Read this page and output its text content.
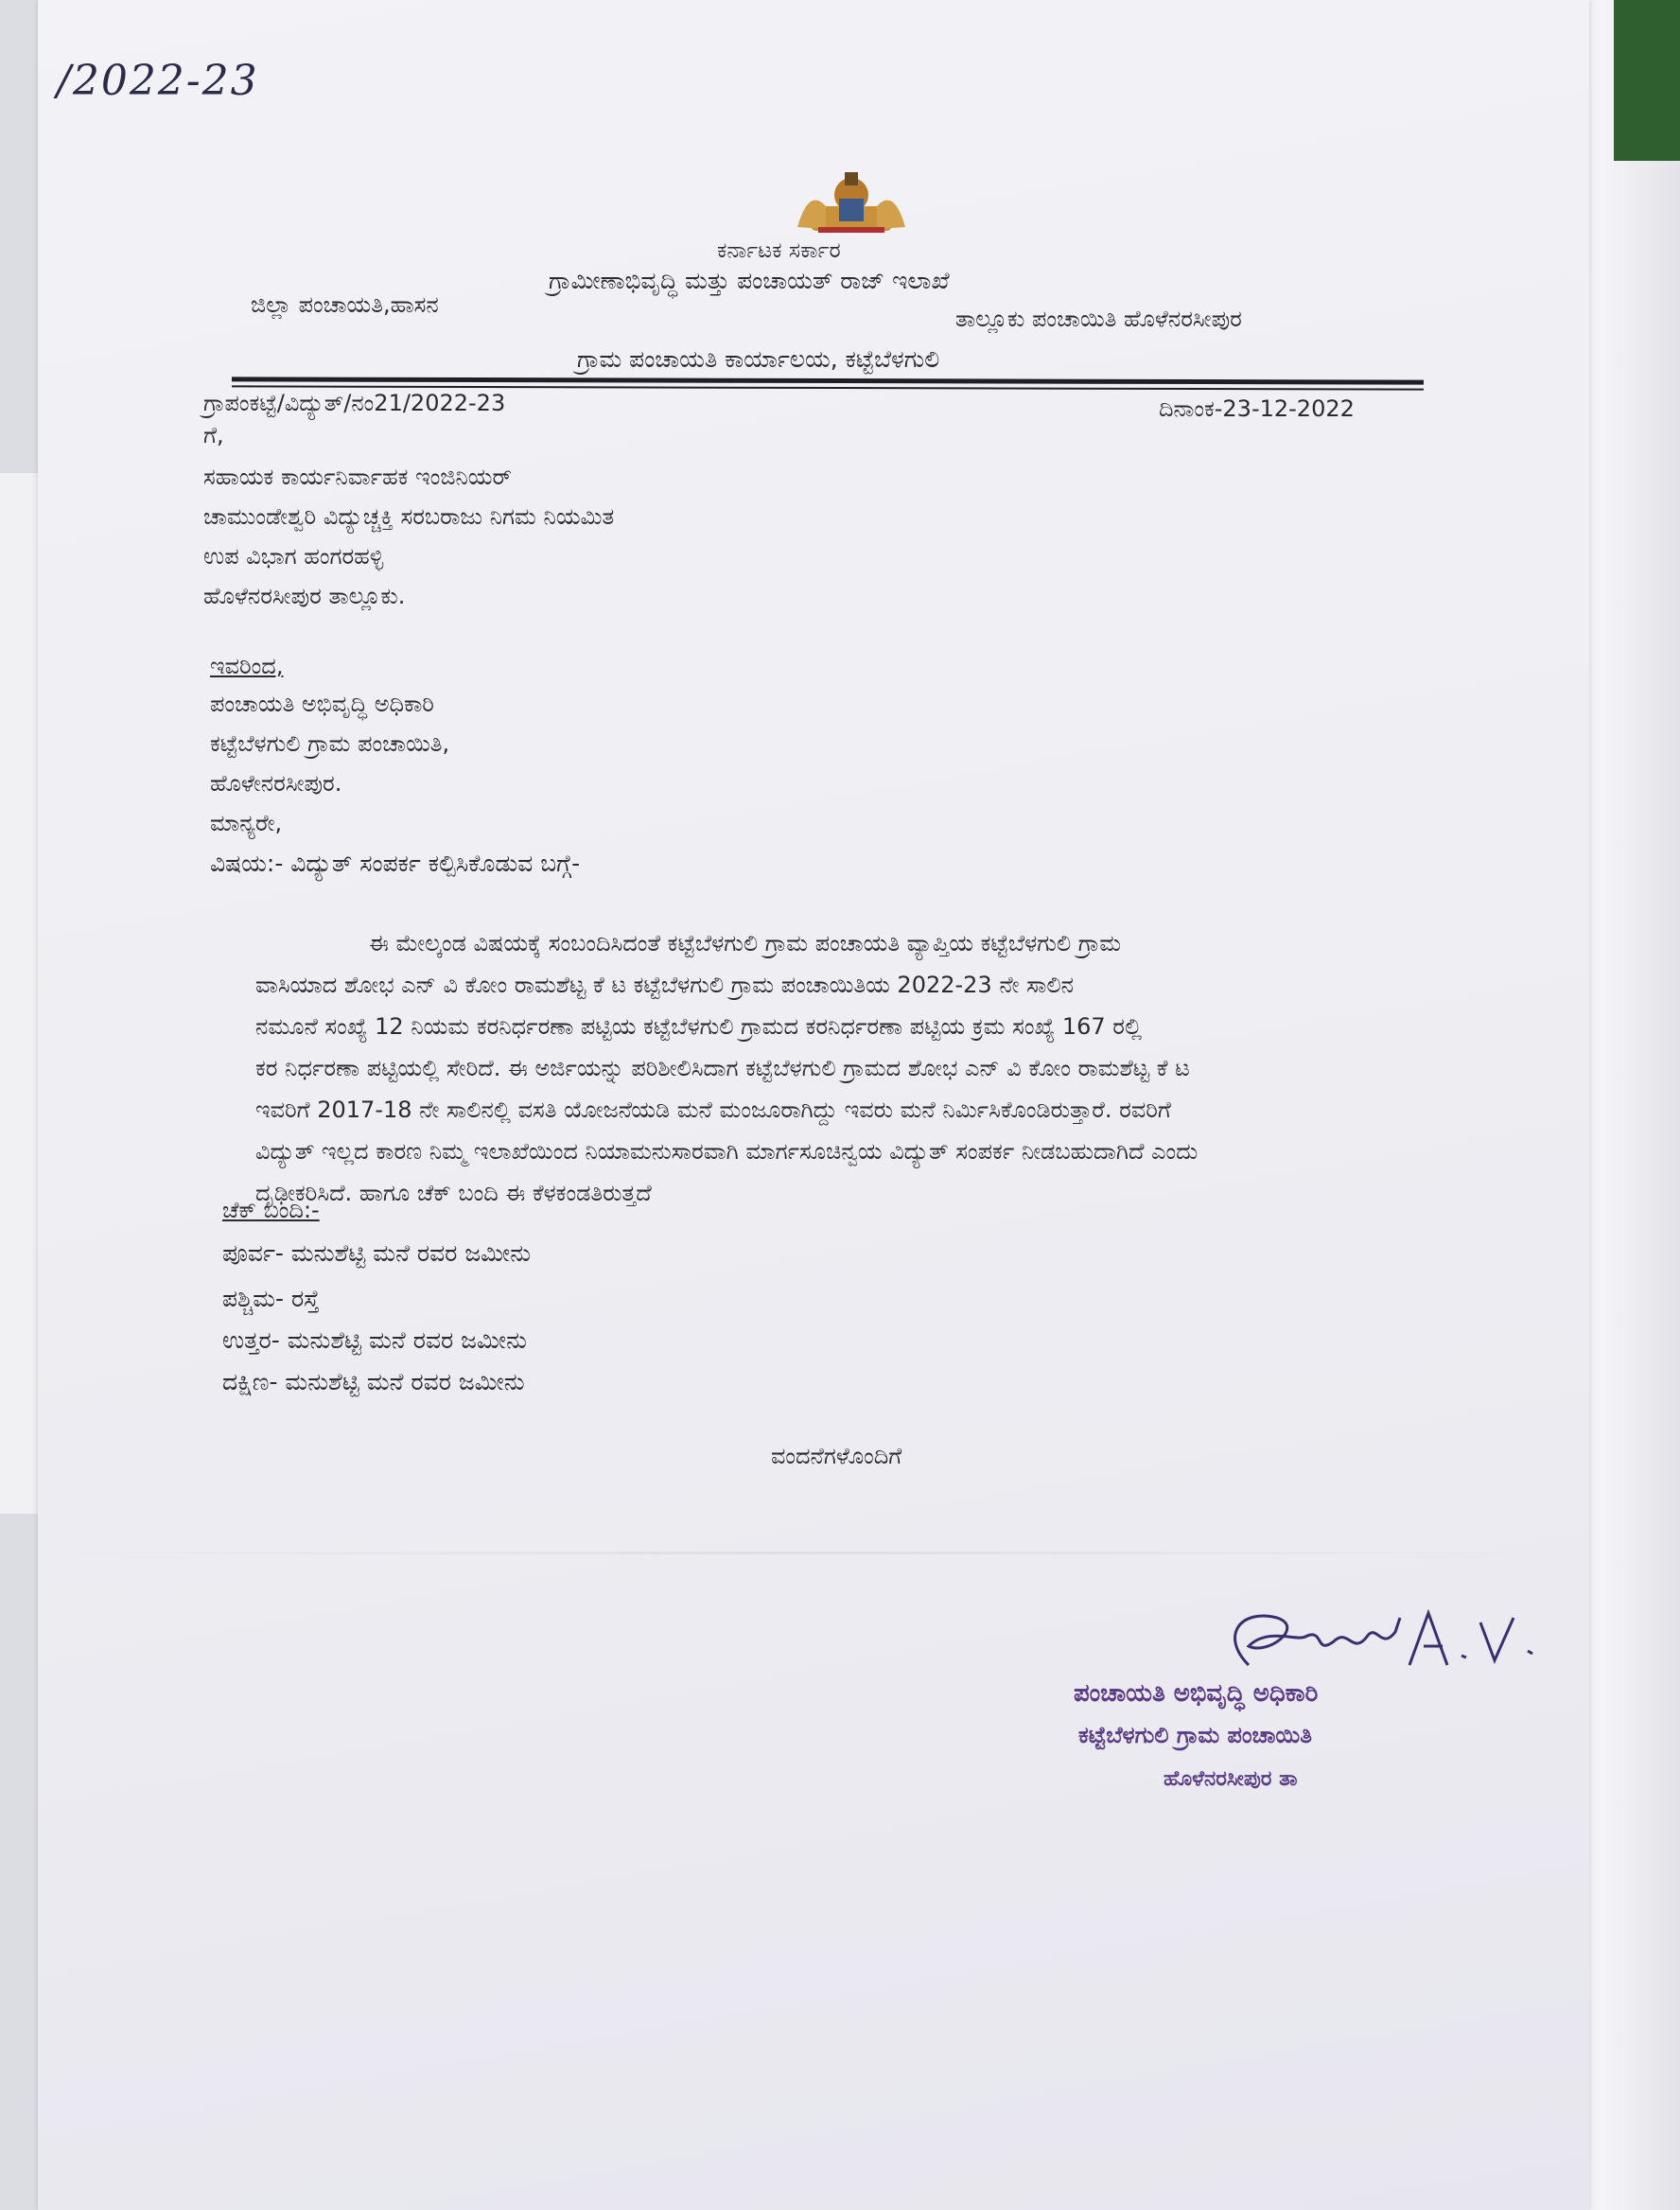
/2022-23
ಕರ್ನಾಟಕ ಸರ್ಕಾರ
ಗ್ರಾಮೀಣಾಭಿವೃದ್ಧಿ ಮತ್ತು ಪಂಚಾಯತ್ ರಾಜ್ ಇಲಾಖೆ
ಜಿಲ್ಲಾ ಪಂಚಾಯತಿ,ಹಾಸನ
ತಾಲ್ಲೂಕು ಪಂಚಾಯಿತಿ ಹೊಳೆನರಸೀಪುರ
ಗ್ರಾಮ ಪಂಚಾಯತಿ ಕಾರ್ಯಾಲಯ, ಕಟ್ಟೆಬೆಳಗುಲಿ
ಗ್ರಾಪಂಕಟ್ಟೆ/ವಿದ್ಯುತ್/ನಂ21/2022-23	ದಿನಾಂಕ-23-12-2022
ಗೆ,
ಸಹಾಯಕ ಕಾರ್ಯನಿರ್ವಾಹಕ ಇಂಜಿನಿಯರ್
ಚಾಮುಂಡೇಶ್ವರಿ ವಿದ್ಯುಚ್ಚಕ್ತಿ ಸರಬರಾಜು ನಿಗಮ ನಿಯಮಿತ
ಉಪ ವಿಭಾಗ ಹಂಗರಹಳ್ಳಿ
ಹೊಳೆನರಸೀಪುರ ತಾಲ್ಲೂಕು.
ಇವರಿಂದ,
ಪಂಚಾಯತಿ ಅಭಿವೃದ್ಧಿ ಅಧಿಕಾರಿ
ಕಟ್ಟೆಬೆಳಗುಲಿ ಗ್ರಾಮ ಪಂಚಾಯಿತಿ,
ಹೊಳೇನರಸೀಪುರ.
ಮಾನ್ಯರೇ,
ವಿಷಯ:- ವಿದ್ಯುತ್ ಸಂಪರ್ಕ ಕಲ್ಪಿಸಿಕೊಡುವ ಬಗ್ಗೆ-

ಈ ಮೇಲ್ಕಂಡ ವಿಷಯಕ್ಕೆ ಸಂಬಂದಿಸಿದಂತೆ ಕಟ್ಟೆಬೆಳಗುಲಿ ಗ್ರಾಮ ಪಂಚಾಯತಿ ವ್ಯಾಪ್ತಿಯ ಕಟ್ಟೆಬೆಳಗುಲಿ ಗ್ರಾಮ

ವಾಸಿಯಾದ ಶೋಭ ಎನ್ ವಿ ಕೋಂ ರಾಮಶೆಟ್ಟ ಕೆ ಟ ಕಟ್ಟೆಬೆಳಗುಲಿ ಗ್ರಾಮ ಪಂಚಾಯಿತಿಯ 2022-23 ನೇ ಸಾಲಿನ

ನಮೂನೆ ಸಂಖ್ಯೆ 12 ನಿಯಮ ಕರನಿರ್ಧರಣಾ ಪಟ್ಟಿಯ ಕಟ್ಟೆಬೆಳಗುಲಿ ಗ್ರಾಮದ ಕರನಿರ್ಧರಣಾ ಪಟ್ಟಿಯ ಕ್ರಮ ಸಂಖ್ಯೆ 167 ರಲ್ಲಿ

ಕರ ನಿರ್ಧರಣಾ ಪಟ್ಟಿಯಲ್ಲಿ ಸೇರಿದೆ. ಈ ಅರ್ಜಿಯನ್ನು ಪರಿಶೀಲಿಸಿದಾಗ ಕಟ್ಟೆಬೆಳಗುಲಿ ಗ್ರಾಮದ ಶೋಭ ಎನ್ ವಿ ಕೋಂ ರಾಮಶೆಟ್ಟ ಕೆ ಟ

ಇವರಿಗೆ 2017-18 ನೇ ಸಾಲಿನಲ್ಲಿ ವಸತಿ ಯೋಜನೆಯಡಿ ಮನೆ ಮಂಜೂರಾಗಿದ್ದು ಇವರು ಮನೆ ನಿರ್ಮಿಸಿಕೊಂಡಿರುತ್ತಾರೆ. ರವರಿಗೆ

ವಿದ್ಯುತ್ ಇಲ್ಲದ ಕಾರಣ ನಿಮ್ಮ ಇಲಾಖೆಯಿಂದ ನಿಯಾಮನುಸಾರವಾಗಿ ಮಾರ್ಗಸೂಚಿನ್ವಯ ವಿದ್ಯುತ್ ಸಂಪರ್ಕ ನೀಡಬಹುದಾಗಿದೆ ಎಂದು

ದೃಢೀಕರಿಸಿದೆ. ಹಾಗೂ ಚೆಕ್ ಬಂದಿ ಈ ಕೆಳಕಂಡತಿರುತ್ತದೆ

ಚೆಕ್ ಬಂದಿ:-
ಪೂರ್ವ- ಮನುಶೆಟ್ಟಿ ಮನೆ ರವರ ಜಮೀನು
ಪಶ್ಚಿಮ- ರಸ್ತೆ
ಉತ್ತರ- ಮನುಶೆಟ್ಟಿ ಮನೆ ರವರ ಜಮೀನು
ದಕ್ಷಿಣ- ಮನುಶೆಟ್ಟಿ ಮನೆ ರವರ ಜಮೀನು
ವಂದನೆಗಳೊಂದಿಗೆ
ಪಂಚಾಯತಿ ಅಭಿವೃದ್ಧಿ ಅಧಿಕಾರಿ
ಕಟ್ಟೆಬೆಳಗುಲಿ ಗ್ರಾಮ ಪಂಚಾಯಿತಿ
ಹೊಳೆನರಸೀಪುರ ತಾ
